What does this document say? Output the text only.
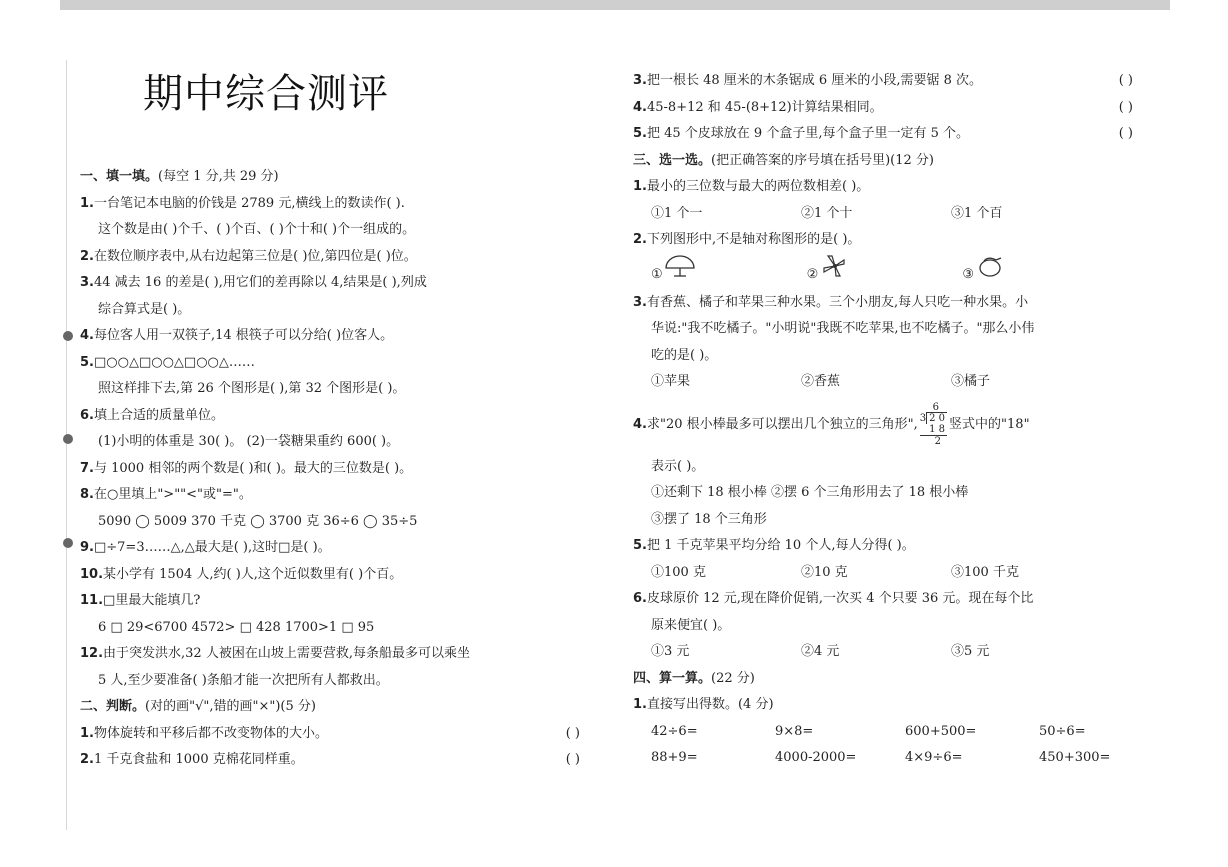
期中综合测评
一、填一填。(每空 1 分,共 29 分)
1.一台笔记本电脑的价钱是 2789 元,横线上的数读作( ).
这个数是由( )个千、( )个百、( )个十和( )个一组成的。
2.在数位顺序表中,从右边起第三位是( )位,第四位是( )位。
3.44 减去 16 的差是( ),用它们的差再除以 4,结果是( ),列成
综合算式是( )。
4.每位客人用一双筷子,14 根筷子可以分给( )位客人。
5.□○○△□○○△□○○△……
照这样排下去,第 26 个图形是( ),第 32 个图形是( )。
6.填上合适的质量单位。
(1)小明的体重是 30( )。 (2)一袋糖果重约 600( )。
7.与 1000 相邻的两个数是( )和( )。最大的三位数是( )。
8.在○里填上">""<"或"="。
5090 ◯ 5009 370 千克 ◯ 3700 克 36÷6 ◯ 35÷5
9.□÷7=3……△,△最大是( ),这时□是( )。
10.某小学有 1504 人,约( )人,这个近似数里有( )个百。
11.□里最大能填几?
6 □ 29<6700 4572> □ 428 1700>1 □ 95
12.由于突发洪水,32 人被困在山坡上需要营救,每条船最多可以乘坐
5 人,至少要准备( )条船才能一次把所有人都救出。
二、判断。(对的画"√",错的画"×")(5 分)
1.物体旋转和平移后都不改变物体的大小。	( )
2.1 千克食盐和 1000 克棉花同样重。	( )
3.把一根长 48 厘米的木条锯成 6 厘米的小段,需要锯 8 次。	( )
4.45-8+12 和 45-(8+12)计算结果相同。	( )
5.把 45 个皮球放在 9 个盒子里,每个盒子里一定有 5 个。	( )
三、选一选。(把正确答案的序号填在括号里)(12 分)
1.最小的三位数与最大的两位数相差( )。
①1 个一	②1 个十	③1 个百
2.下列图形中,不是轴对称图形的是( )。
①	②	③
3.有香蕉、橘子和苹果三种水果。三个小朋友,每人只吃一种水果。小
华说:"我不吃橘子。"小明说"我既不吃苹果,也不吃橘子。"那么小伟
吃的是( )。
①苹果	②香蕉	③橘子
4.求"20 根小棒最多可以摆出几个独立的三角形",
6
3 2 0
1 8
2
竖式中的"18"
表示( )。
①还剩下 18 根小棒 ②摆 6 个三角形用去了 18 根小棒
③摆了 18 个三角形
5.把 1 千克苹果平均分给 10 个人,每人分得( )。
①100 克	②10 克	③100 千克
6.皮球原价 12 元,现在降价促销,一次买 4 个只要 36 元。现在每个比
原来便宜( )。
①3 元	②4 元	③5 元
四、算一算。(22 分)
1.直接写出得数。(4 分)
42÷6=	9×8=	600+500=	50÷6=
88+9=	4000-2000=	4×9÷6=	450+300=
